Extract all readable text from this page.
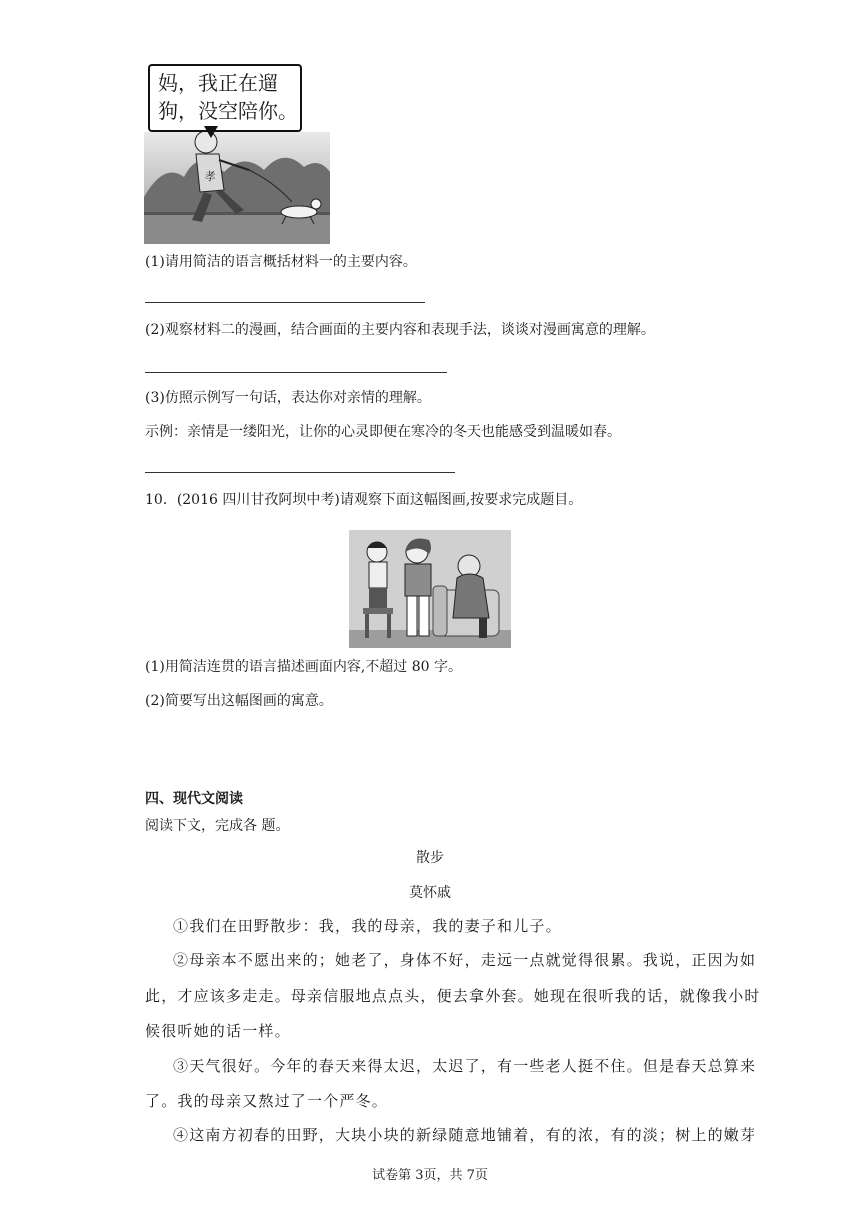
孝
妈，我正在遛
狗，没空陪你。
(1)请用简洁的语言概括材料一的主要内容。
(2)观察材料二的漫画，结合画面的主要内容和表现手法，谈谈对漫画寓意的理解。
(3)仿照示例写一句话，表达你对亲情的理解。
示例：亲情是一缕阳光，让你的心灵即便在寒冷的冬天也能感受到温暖如春。
10．(2016 四川甘孜阿坝中考)请观察下面这幅图画,按要求完成题目。
(1)用简洁连贯的语言描述画面内容,不超过 80 字。
(2)简要写出这幅图画的寓意。
四、现代文阅读
阅读下文，完成各 题。
散步
莫怀戚
①我们在田野散步：我，我的母亲，我的妻子和儿子。
②母亲本不愿出来的；她老了，身体不好，走远一点就觉得很累。我说，正因为如
此，才应该多走走。母亲信服地点点头，便去拿外套。她现在很听我的话，就像我小时
候很听她的话一样。
③天气很好。今年的春天来得太迟，太迟了，有一些老人挺不住。但是春天总算来
了。我的母亲又熬过了一个严冬。
④这南方初春的田野，大块小块的新绿随意地铺着，有的浓，有的淡；树上的嫩芽
试卷第 3页，共 7页
